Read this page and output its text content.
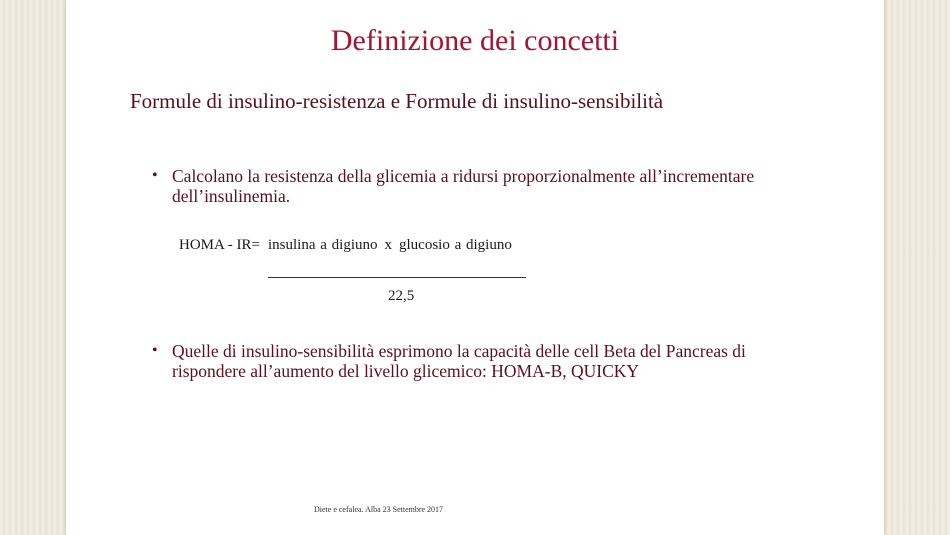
Definizione dei concetti
Formule di insulino-resistenza e Formule di insulino-sensibilità
• Calcolano la resistenza della glicemia a ridursi proporzionalmente all’incrementare dell’insulinemia.
HOMA - IR= insulina a digiuno x glucosio a digiuno
22,5
• Quelle di insulino-sensibilità esprimono la capacità delle cell Beta del Pancreas di rispondere all’aumento del livello glicemico: HOMA-B, QUICKY
Diete e cefalea. Alba 23 Settembre 2017
